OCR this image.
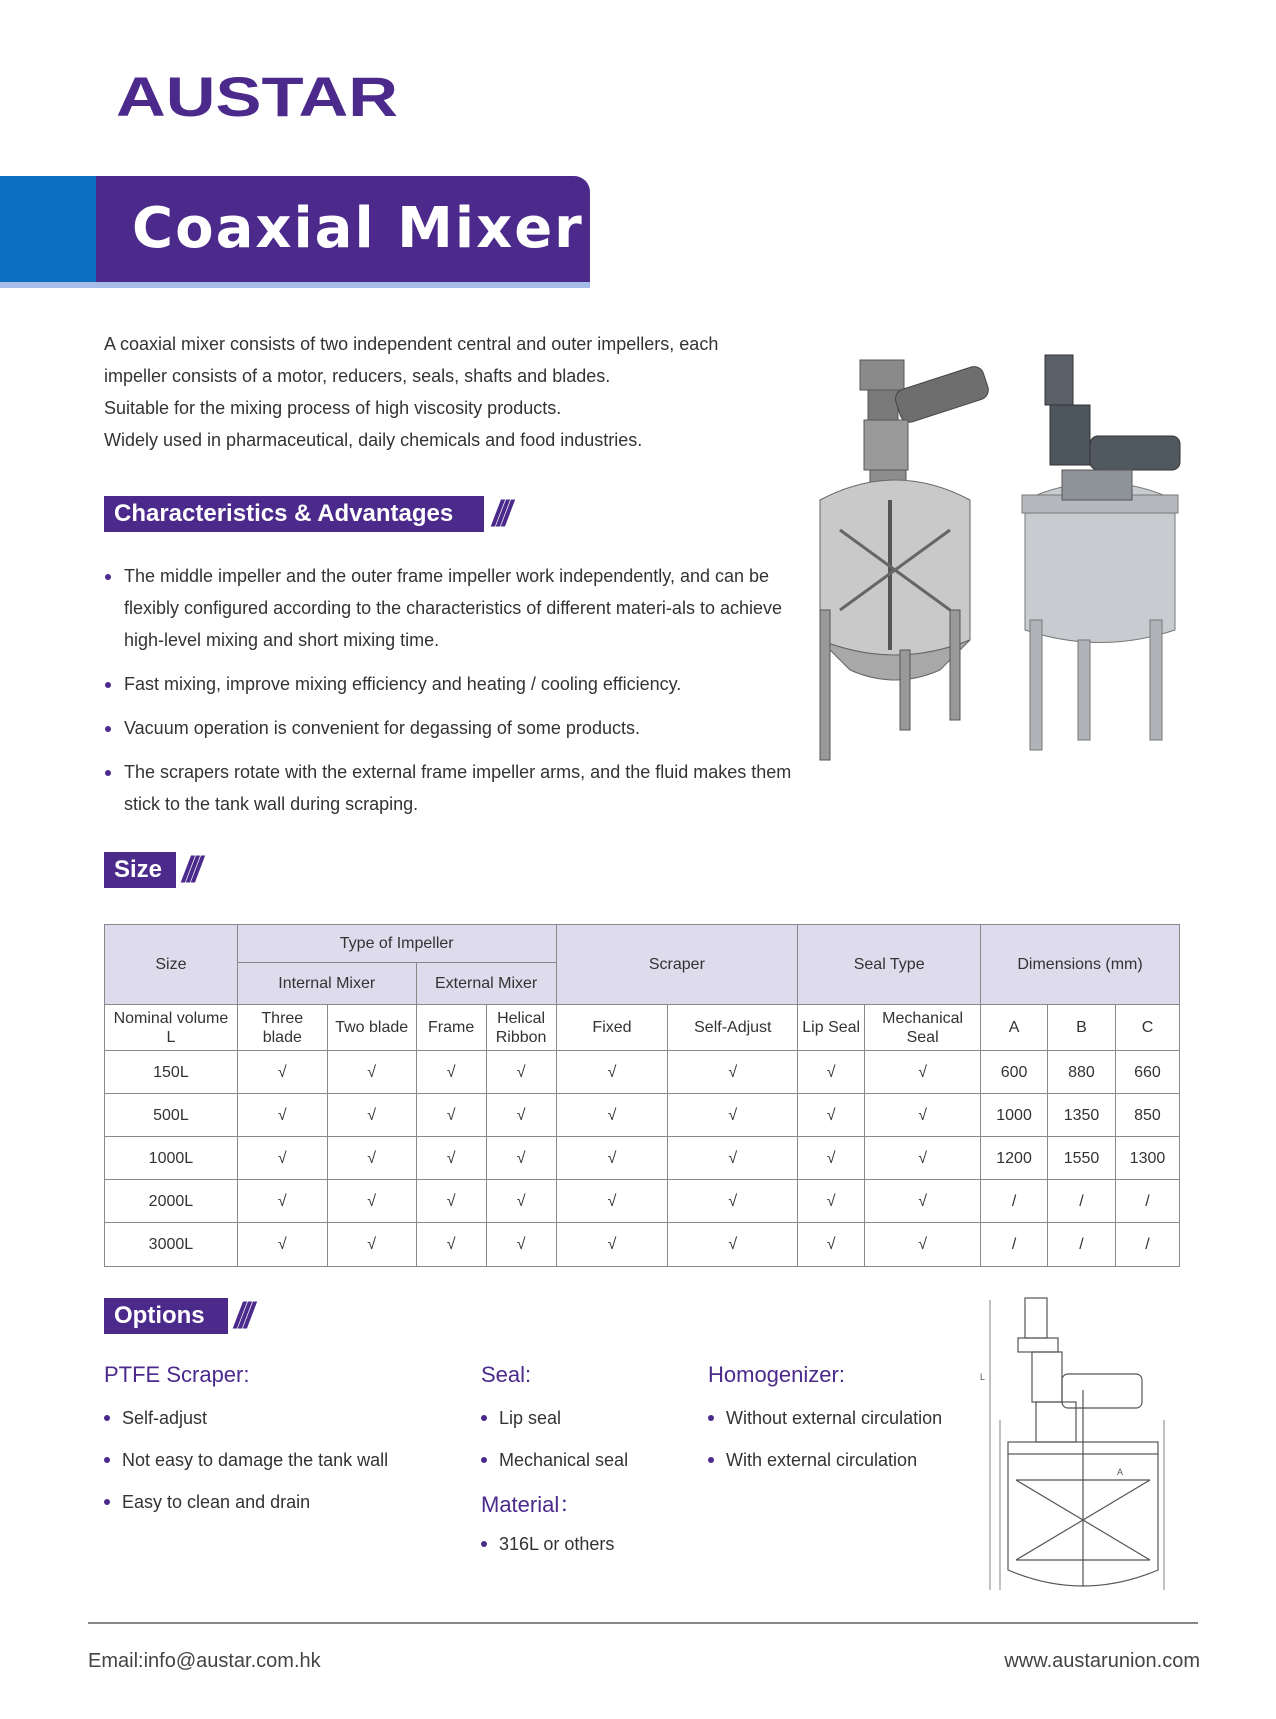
AUSTAR
Coaxial Mixer
A coaxial mixer consists of two independent central and outer impellers, each
impeller consists of a motor, reducers, seals, shafts and blades.
Suitable for the mixing process of high viscosity products.
Widely used in pharmaceutical, daily chemicals and food industries.
Characteristics & Advantages ///
The middle impeller and the outer frame impeller work independently, and can be flexibly configured according to the characteristics of different materi-als to achieve high-level mixing and short mixing time.
Fast mixing, improve mixing efficiency and heating / cooling efficiency.
Vacuum operation is convenient for degassing of some products.
The scrapers rotate with the external frame impeller arms, and the fluid makes them stick to the tank wall during scraping.
Size ///
Size	Type of Impeller				Scraper		Seal Type		Dimensions (mm)		
	Internal Mixer		External Mixer								
Nominal volume L	Three blade	Two blade	Frame	Helical Ribbon	Fixed	Self-Adjust	Lip Seal	Mechanical Seal	A	B	C
150L	√	√	√	√	√	√	√	√	600	880	660
500L	√	√	√	√	√	√	√	√	1000	1350	850
1000L	√	√	√	√	√	√	√	√	1200	1550	1300
2000L	√	√	√	√	√	√	√	√	/	/	/
3000L	√	√	√	√	√	√	√	√	/	/	/
Options ///
PTFE Scraper:
Self-adjust
Not easy to damage the tank wall
Easy to clean and drain
Seal:
Lip seal
Mechanical seal
Material：
316L or others
Homogenizer:
Without external circulation
With external circulation
L
A
Email:info@austar.com.hk	www.austarunion.com
